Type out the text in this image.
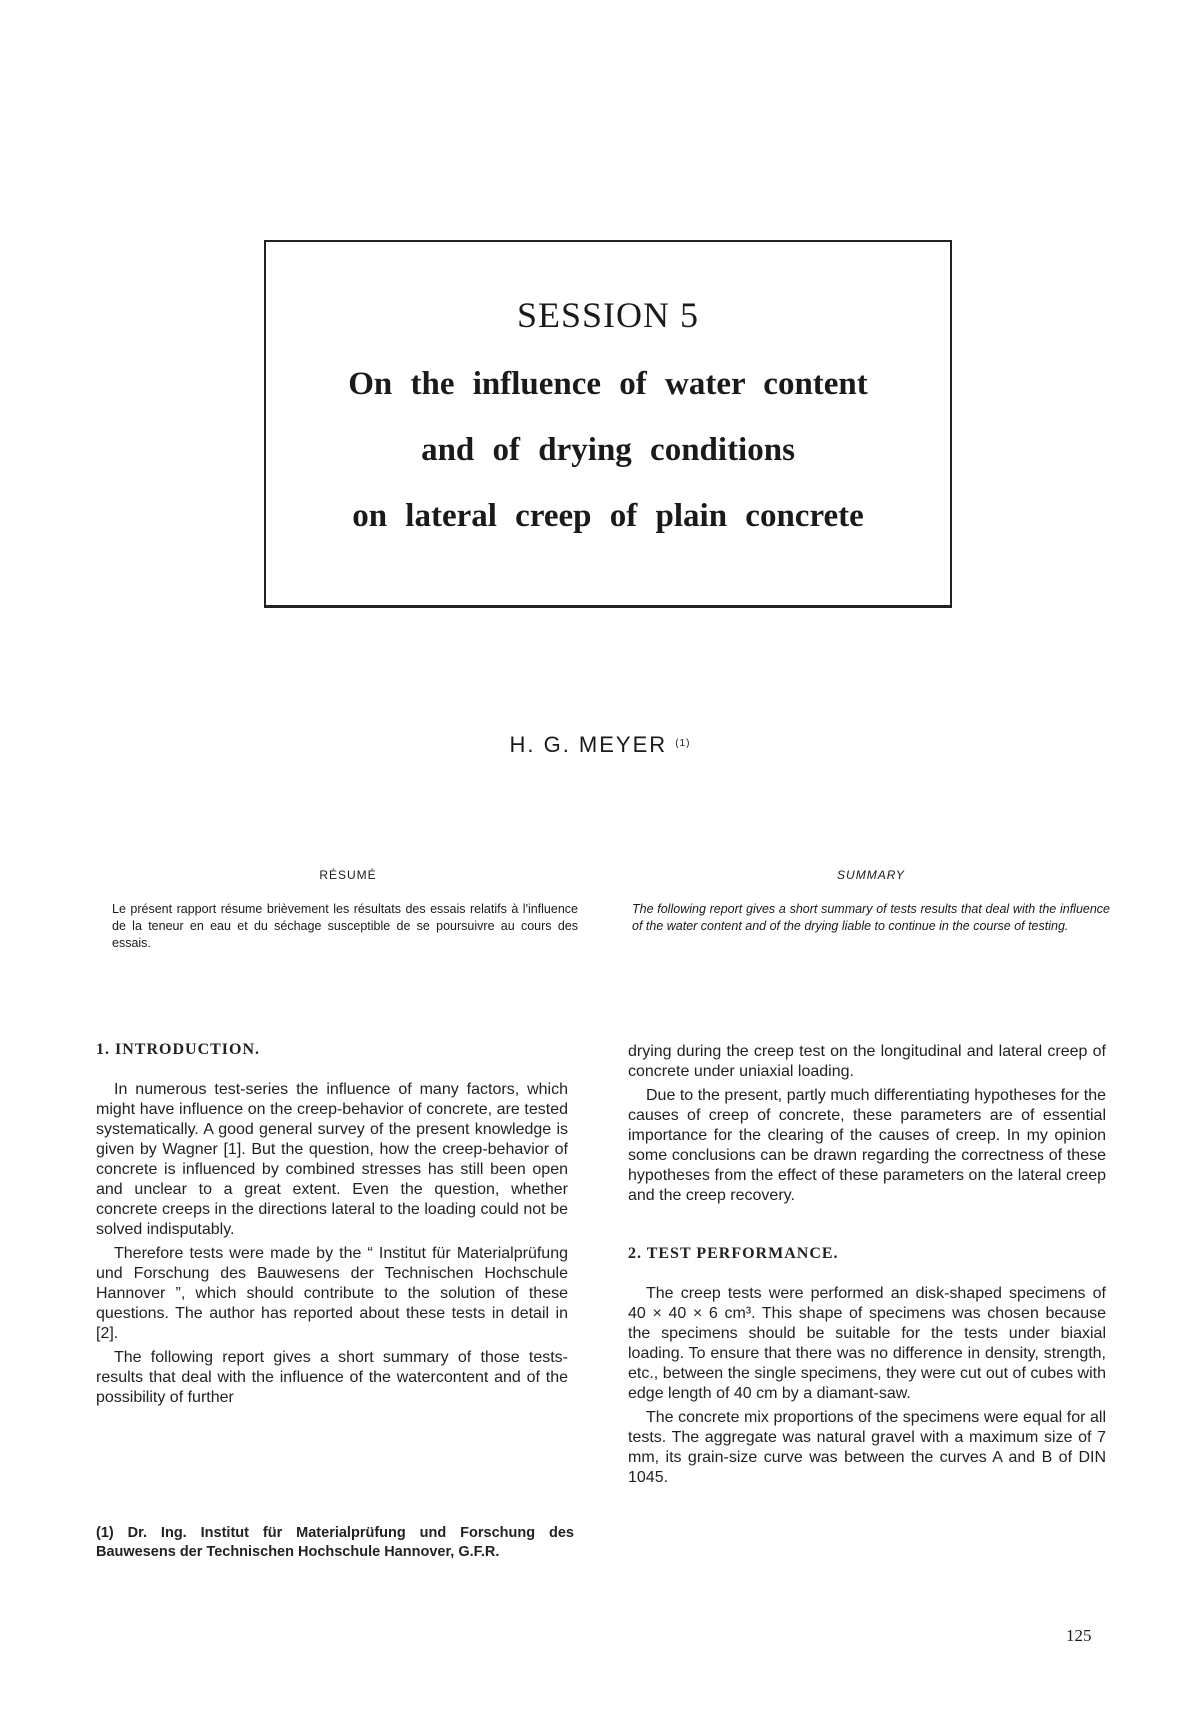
SESSION 5
On the influence of water content
and of drying conditions
on lateral creep of plain concrete
H. G. MEYER $^{(1)}$
RÉSUMÉ
Le présent rapport résume brièvement les résultats des essais relatifs à l'influence de la teneur en eau et du séchage susceptible de se poursuivre au cours des essais.
SUMMARY
The following report gives a short summary of tests results that deal with the influence of the water content and of the drying liable to continue in the course of testing.
1. INTRODUCTION.

In numerous test-series the influence of many factors, which might have influence on the creep-behavior of concrete, are tested systematically. A good general survey of the present knowledge is given by Wagner [1]. But the question, how the creep-behavior of concrete is influenced by combined stresses has still been open and unclear to a great extent. Even the question, whether concrete creeps in the directions lateral to the loading could not be solved indisputably.

Therefore tests were made by the “ Institut für Materialprüfung und Forschung des Bauwesens der Technischen Hochschule Hannover ”, which should contribute to the solution of these questions. The author has reported about these tests in detail in [2].

The following report gives a short summary of those tests-results that deal with the influence of the watercontent and of the possibility of further

drying during the creep test on the longitudinal and lateral creep of concrete under uniaxial loading.

Due to the present, partly much differentiating hypotheses for the causes of creep of concrete, these parameters are of essential importance for the clearing of the causes of creep. In my opinion some conclusions can be drawn regarding the correctness of these hypotheses from the effect of these parameters on the lateral creep and the creep recovery.

2. TEST PERFORMANCE.

The creep tests were performed an disk-shaped specimens of 40 × 40 × 6 cm³. This shape of specimens was chosen because the specimens should be suitable for the tests under biaxial loading. To ensure that there was no difference in density, strength, etc., between the single specimens, they were cut out of cubes with edge length of 40 cm by a diamant-saw.

The concrete mix proportions of the specimens were equal for all tests. The aggregate was natural gravel with a maximum size of 7 mm, its grain-size curve was between the curves A and B of DIN 1045.

(1) Dr. Ing. Institut für Materialprüfung und Forschung des Bauwesens der Technischen Hochschule Hannover, G.F.R.
125
